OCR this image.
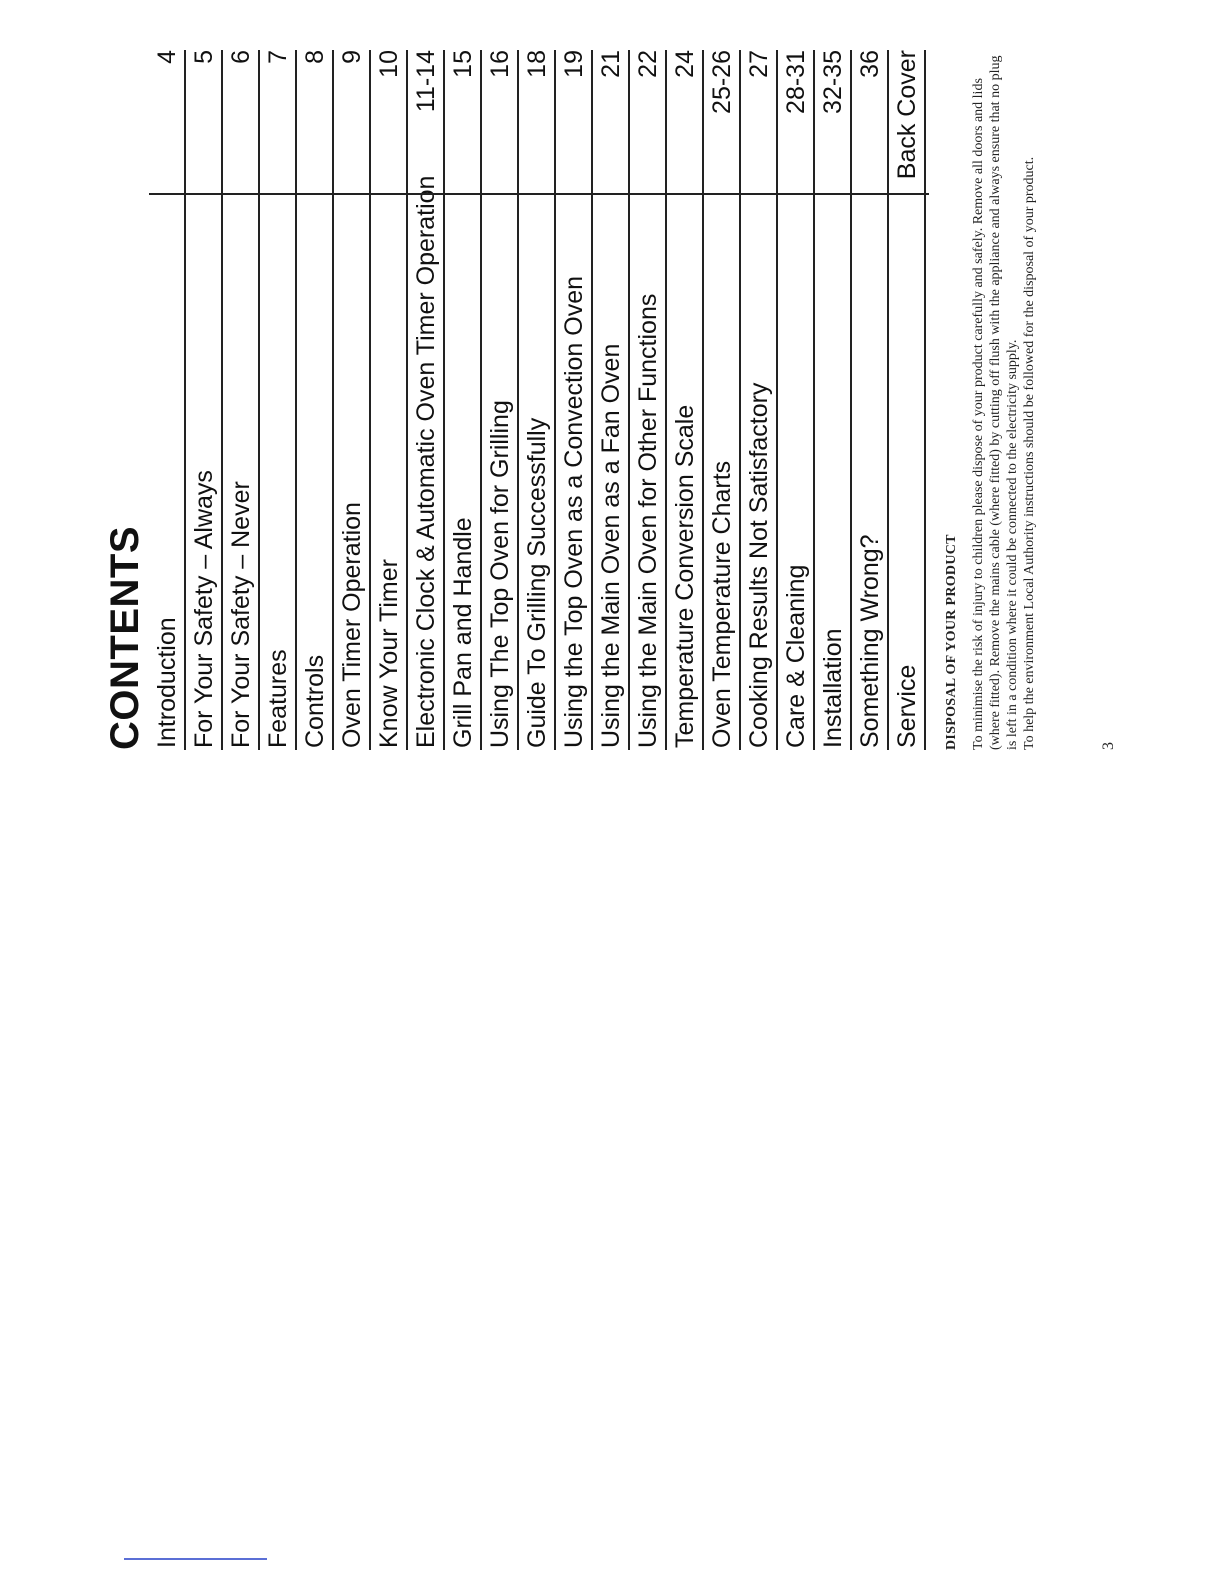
CONTENTS Introduction For Your Safety – Always For Your Safety – Never Features Controls Oven Timer Operation Know Your Timer Electronic Clock & Automatic Oven Timer Operation Grill Pan and Handle Using The Top Oven for Grilling Guide To Grilling Successfully Using the Top Oven as a Convection Oven Using the Main Oven as a Fan Oven Using the Main Oven for Other Functions Temperature Conversion Scale Oven Temperature Charts Cooking Results Not Satisfactory Care & Cleaning Installation Something Wrong? Service
4 5 6 7 8 9 10 11-14 15 16 18 19 21 22 24 25-26 27 28-31 32-35 36 Back Cover
DISPOSAL OF YOUR PRODUCT To minimise the risk of injury to children please dispose of your product carefully and safely. Remove all doors and lids (where fitted). Remove the mains cable (where fitted) by cutting off flush with the appliance and always ensure that no plug is left in a condition where it could be connected to the electricity supply. To help the environment Local Authority instructions should be followed for the disposal of your product.	3
